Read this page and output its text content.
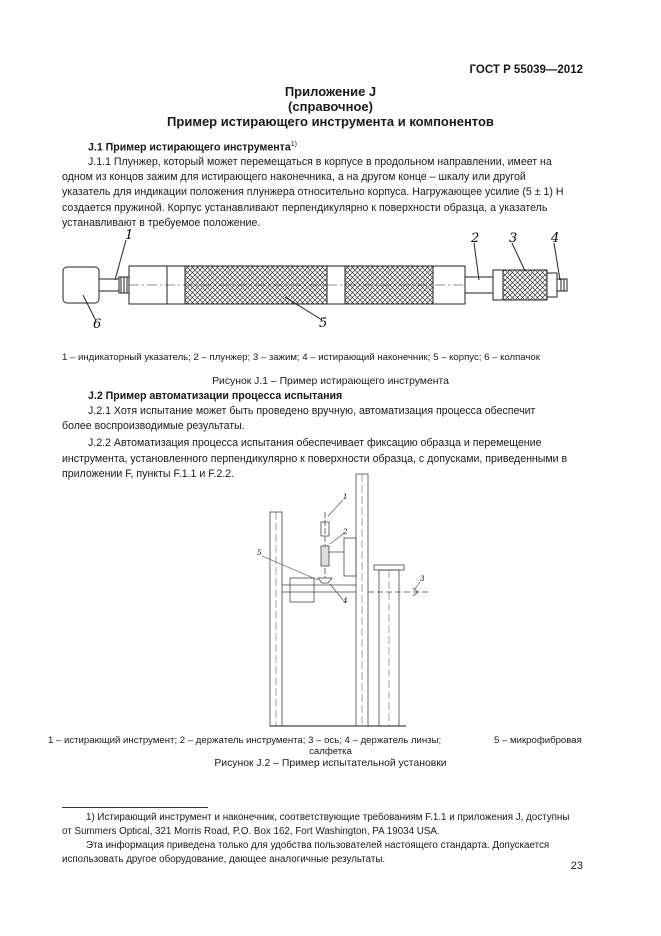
ГОСТ Р 55039—2012
Приложение J
(справочное)
Пример истирающего инструмента и компонентов
J.1 Пример истирающего инструмента$^{1)}$
J.1.1 Плунжер, который может перемещаться в корпусе в продольном направлении, имеет на
одном из концов зажим для истирающего наконечника, а на другом конце – шкалу или другой
указатель для индикации положения плунжера относительно корпуса. Нагружающее усилие (5 ± 1) Н
создается пружиной. Корпус устанавливают перпендикулярно к поверхности образца, а указатель
устанавливают в требуемое положение.
1	2 3	4
5
6
1 – индикаторный указатель; 2 – плунжер; 3 – зажим; 4 – истирающий наконечник; 5 – корпус; 6 – колпачок
Рисунок J.1 – Пример истирающего инструмента
J.2 Пример автоматизации процесса испытания
J.2.1 Хотя испытание может быть проведено вручную, автоматизация процесса обеспечит
более воспроизводимые результаты.
J.2.2 Автоматизация процесса испытания обеспечивает фиксацию образца и перемещение
инструмента, установленного перпендикулярно к поверхности образца, с допусками, приведенными в
приложении F, пункты F.1.1 и F.2.2.
1
2
3
4
5
1 – истирающий инструмент; 2 – держатель инструмента; 3 – ось; 4 – держатель линзы;	5 – микрофибровая
салфетка
Рисунок J.2 – Пример испытательной установки
1) Истирающий инструмент и наконечник, соответствующие требованиям F.1.1 и приложения J, доступны
от Summers Optical, 321 Morris Road, P.O. Box 162, Fort Washington, PA 19034 USA.
Эта информация приведена только для удобства пользователей настоящего стандарта. Допускается
использовать другое оборудование, дающее аналогичные результаты.
23
